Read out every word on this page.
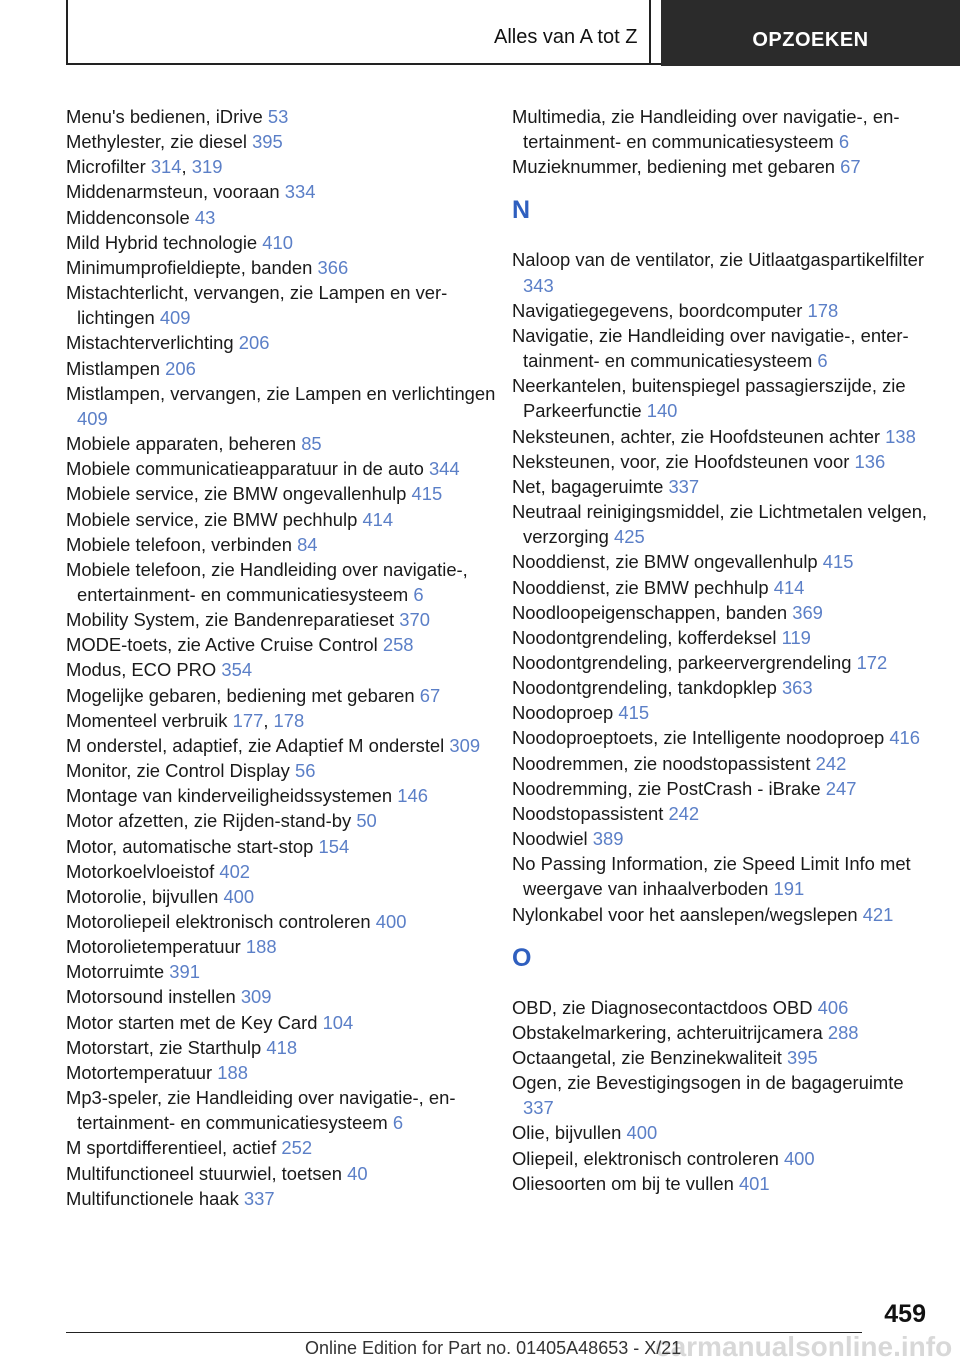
Alles van A tot Z	OPZOEKEN

Menu's bedienen, iDrive 53

Methylester, zie diesel 395

Microfilter 314, 319

Middenarmsteun, vooraan 334

Middenconsole 43

Mild Hybrid technologie 410

Minimumprofieldiepte, banden 366

Mistachterlicht, vervangen, zie Lampen en verlichtingen 409

Mistachterverlichting 206

Mistlampen 206

Mistlampen, vervangen, zie Lampen en verlichtingen 409

Mobiele apparaten, beheren 85

Mobiele communicatieapparatuur in de auto 344

Mobiele service, zie BMW ongevallenhulp 415

Mobiele service, zie BMW pechhulp 414

Mobiele telefoon, verbinden 84

Mobiele telefoon, zie Handleiding over navigatie-, entertainment- en communicatiesysteem 6

Mobility System, zie Bandenreparatieset 370

MODE-toets, zie Active Cruise Control 258

Modus, ECO PRO 354

Mogelijke gebaren, bediening met gebaren 67

Momenteel verbruik 177, 178

M onderstel, adaptief, zie Adaptief M onderstel 309

Monitor, zie Control Display 56

Montage van kinderveiligheidssystemen 146

Motor afzetten, zie Rijden-stand-by 50

Motor, automatische start-stop 154

Motorkoelvloeistof 402

Motorolie, bijvullen 400

Motoroliepeil elektronisch controleren 400

Motorolietemperatuur 188

Motorruimte 391

Motorsound instellen 309

Motor starten met de Key Card 104

Motorstart, zie Starthulp 418

Motortemperatuur 188

Mp3-speler, zie Handleiding over navigatie-, entertainment- en communicatiesysteem 6

M sportdifferentieel, actief 252

Multifunctioneel stuurwiel, toetsen 40

Multifunctionele haak 337

Multimedia, zie Handleiding over navigatie-, entertainment- en communicatiesysteem 6

Muzieknummer, bediening met gebaren 67

N

Naloop van de ventilator, zie Uitlaatgaspartikelfilter 343

Navigatiegegevens, boordcomputer 178

Navigatie, zie Handleiding over navigatie-, entertainment- en communicatiesysteem 6

Neerkantelen, buitenspiegel passagierszijde, zie Parkeerfunctie 140

Neksteunen, achter, zie Hoofdsteunen achter 138

Neksteunen, voor, zie Hoofdsteunen voor 136

Net, bagageruimte 337

Neutraal reinigingsmiddel, zie Lichtmetalen velgen, verzorging 425

Nooddienst, zie BMW ongevallenhulp 415

Nooddienst, zie BMW pechhulp 414

Noodloopeigenschappen, banden 369

Noodontgrendeling, kofferdeksel 119

Noodontgrendeling, parkeervergrendeling 172

Noodontgrendeling, tankdopklep 363

Noodoproep 415

Noodoproeptoets, zie Intelligente noodoproep 416

Noodremmen, zie noodstopassistent 242

Noodremming, zie PostCrash - iBrake 247

Noodstopassistent 242

Noodwiel 389

No Passing Information, zie Speed Limit Info met weergave van inhaalverboden 191

Nylonkabel voor het aanslepen/wegslepen 421

O

OBD, zie Diagnosecontactdoos OBD 406

Obstakelmarkering, achteruitrijcamera 288

Octaangetal, zie Benzinekwaliteit 395

Ogen, zie Bevestigingsogen in de bagageruimte 337

Olie, bijvullen 400

Oliepeil, elektronisch controleren 400

Oliesoorten om bij te vullen 401

459
carmanualsonline.info
Online Edition for Part no. 01405A48653 - X/21
